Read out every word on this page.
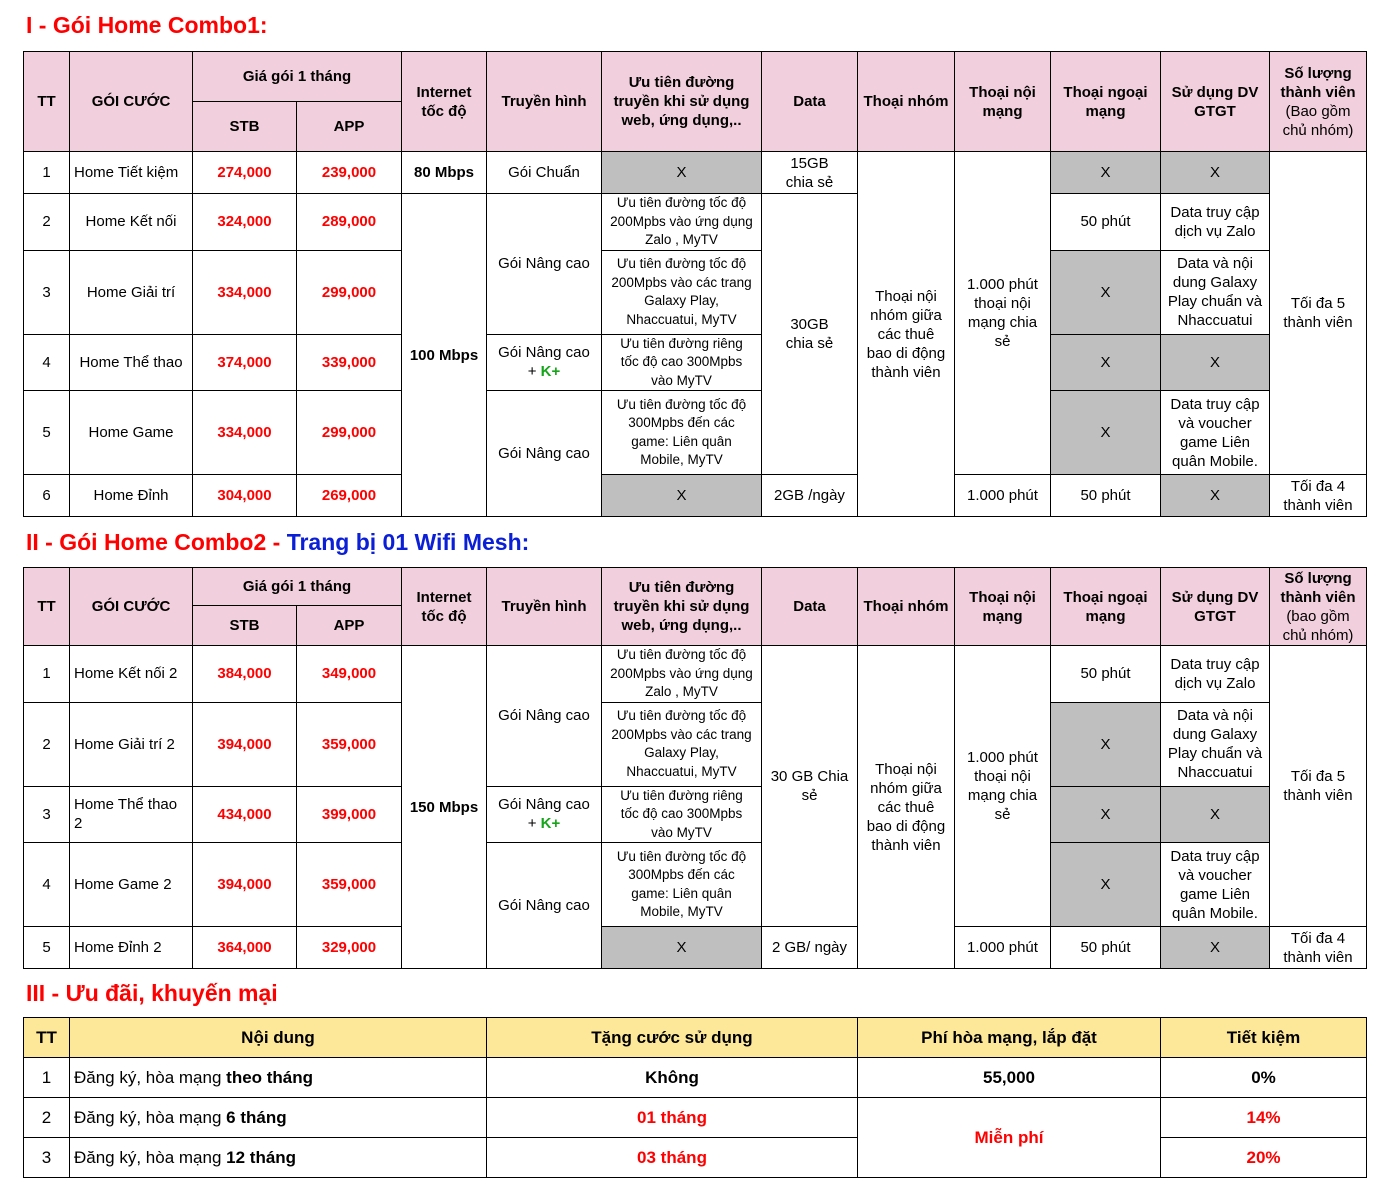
I - Gói Home Combo1:
TT	GÓI CƯỚC	Giá gói 1 tháng		Internet
tốc độ	Truyền hình	Ưu tiên đường
truyền khi sử dụng
web, ứng dụng,..	Data	Thoại nhóm	Thoại nội
mạng	Thoại ngoại
mạng	Sử dụng DV
GTGT	Số lượng
thành viên
(Bao gồm
chủ nhóm)
		STB	APP									
1	Home Tiết kiệm	274,000	239,000	80 Mbps	Gói Chuẩn	X	15GB
chia sẻ	Thoại nội
nhóm giữa
các thuê
bao di động
thành viên	1.000 phút
thoại nội
mạng chia
sẻ	X	X	Tối đa 5
thành viên
2	Home Kết nối	324,000	289,000	100 Mbps	Gói Nâng cao	Ưu tiên đường tốc độ
200Mpbs vào ứng dụng
Zalo , MyTV	30GB
chia sẻ			50 phút	Data truy cập
dịch vụ Zalo	
3	Home Giải trí	334,000	299,000			Ưu tiên đường tốc độ
200Mpbs vào các trang
Galaxy Play,
Nhaccuatui, MyTV				X	Data và nội
dung Galaxy
Play chuẩn và
Nhaccuatui	
4	Home Thể thao	374,000	339,000		Gói Nâng cao
+ K+	Ưu tiên đường riêng
tốc độ cao 300Mpbs
vào MyTV				X	X	
5	Home Game	334,000	299,000		Gói Nâng cao	Ưu tiên đường tốc độ
300Mpbs đến các
game: Liên quân
Mobile, MyTV				X	Data truy cập
và voucher
game Liên
quân Mobile.	
6	Home Đỉnh	304,000	269,000			X	2GB /ngày		1.000 phút	50 phút	X	Tối đa 4
thành viên
II - Gói Home Combo2 - Trang bị 01 Wifi Mesh:
TT	GÓI CƯỚC	Giá gói 1 tháng		Internet
tốc độ	Truyền hình	Ưu tiên đường
truyền khi sử dụng
web, ứng dụng,..	Data	Thoại nhóm	Thoại nội
mạng	Thoại ngoại
mạng	Sử dụng DV
GTGT	Số lượng
thành viên
(bao gồm
chủ nhóm)
		STB	APP									
1	Home Kết nối 2	384,000	349,000	150 Mbps	Gói Nâng cao	Ưu tiên đường tốc độ
200Mpbs vào ứng dụng
Zalo , MyTV	30 GB Chia
sẻ	Thoại nội
nhóm giữa
các thuê
bao di động
thành viên	1.000 phút
thoại nội
mạng chia
sẻ	50 phút	Data truy cập
dịch vụ Zalo	Tối đa 5
thành viên
2	Home Giải trí 2	394,000	359,000			Ưu tiên đường tốc độ
200Mpbs vào các trang
Galaxy Play,
Nhaccuatui, MyTV				X	Data và nội
dung Galaxy
Play chuẩn và
Nhaccuatui	
3	Home Thể thao
2	434,000	399,000		Gói Nâng cao
+ K+	Ưu tiên đường riêng
tốc độ cao 300Mpbs
vào MyTV				X	X	
4	Home Game 2	394,000	359,000		Gói Nâng cao	Ưu tiên đường tốc độ
300Mpbs đến các
game: Liên quân
Mobile, MyTV				X	Data truy cập
và voucher
game Liên
quân Mobile.	
5	Home Đỉnh 2	364,000	329,000			X	2 GB/ ngày		1.000 phút	50 phút	X	Tối đa 4
thành viên
III - Ưu đãi, khuyến mại
TT	Nội dung	Tặng cước sử dụng	Phí hòa mạng, lắp đặt	Tiết kiệm
1	Đăng ký, hòa mạng theo tháng	Không	55,000	0%
2	Đăng ký, hòa mạng 6 tháng	01 tháng	Miễn phí	14%
3	Đăng ký, hòa mạng 12 tháng	03 tháng		20%
